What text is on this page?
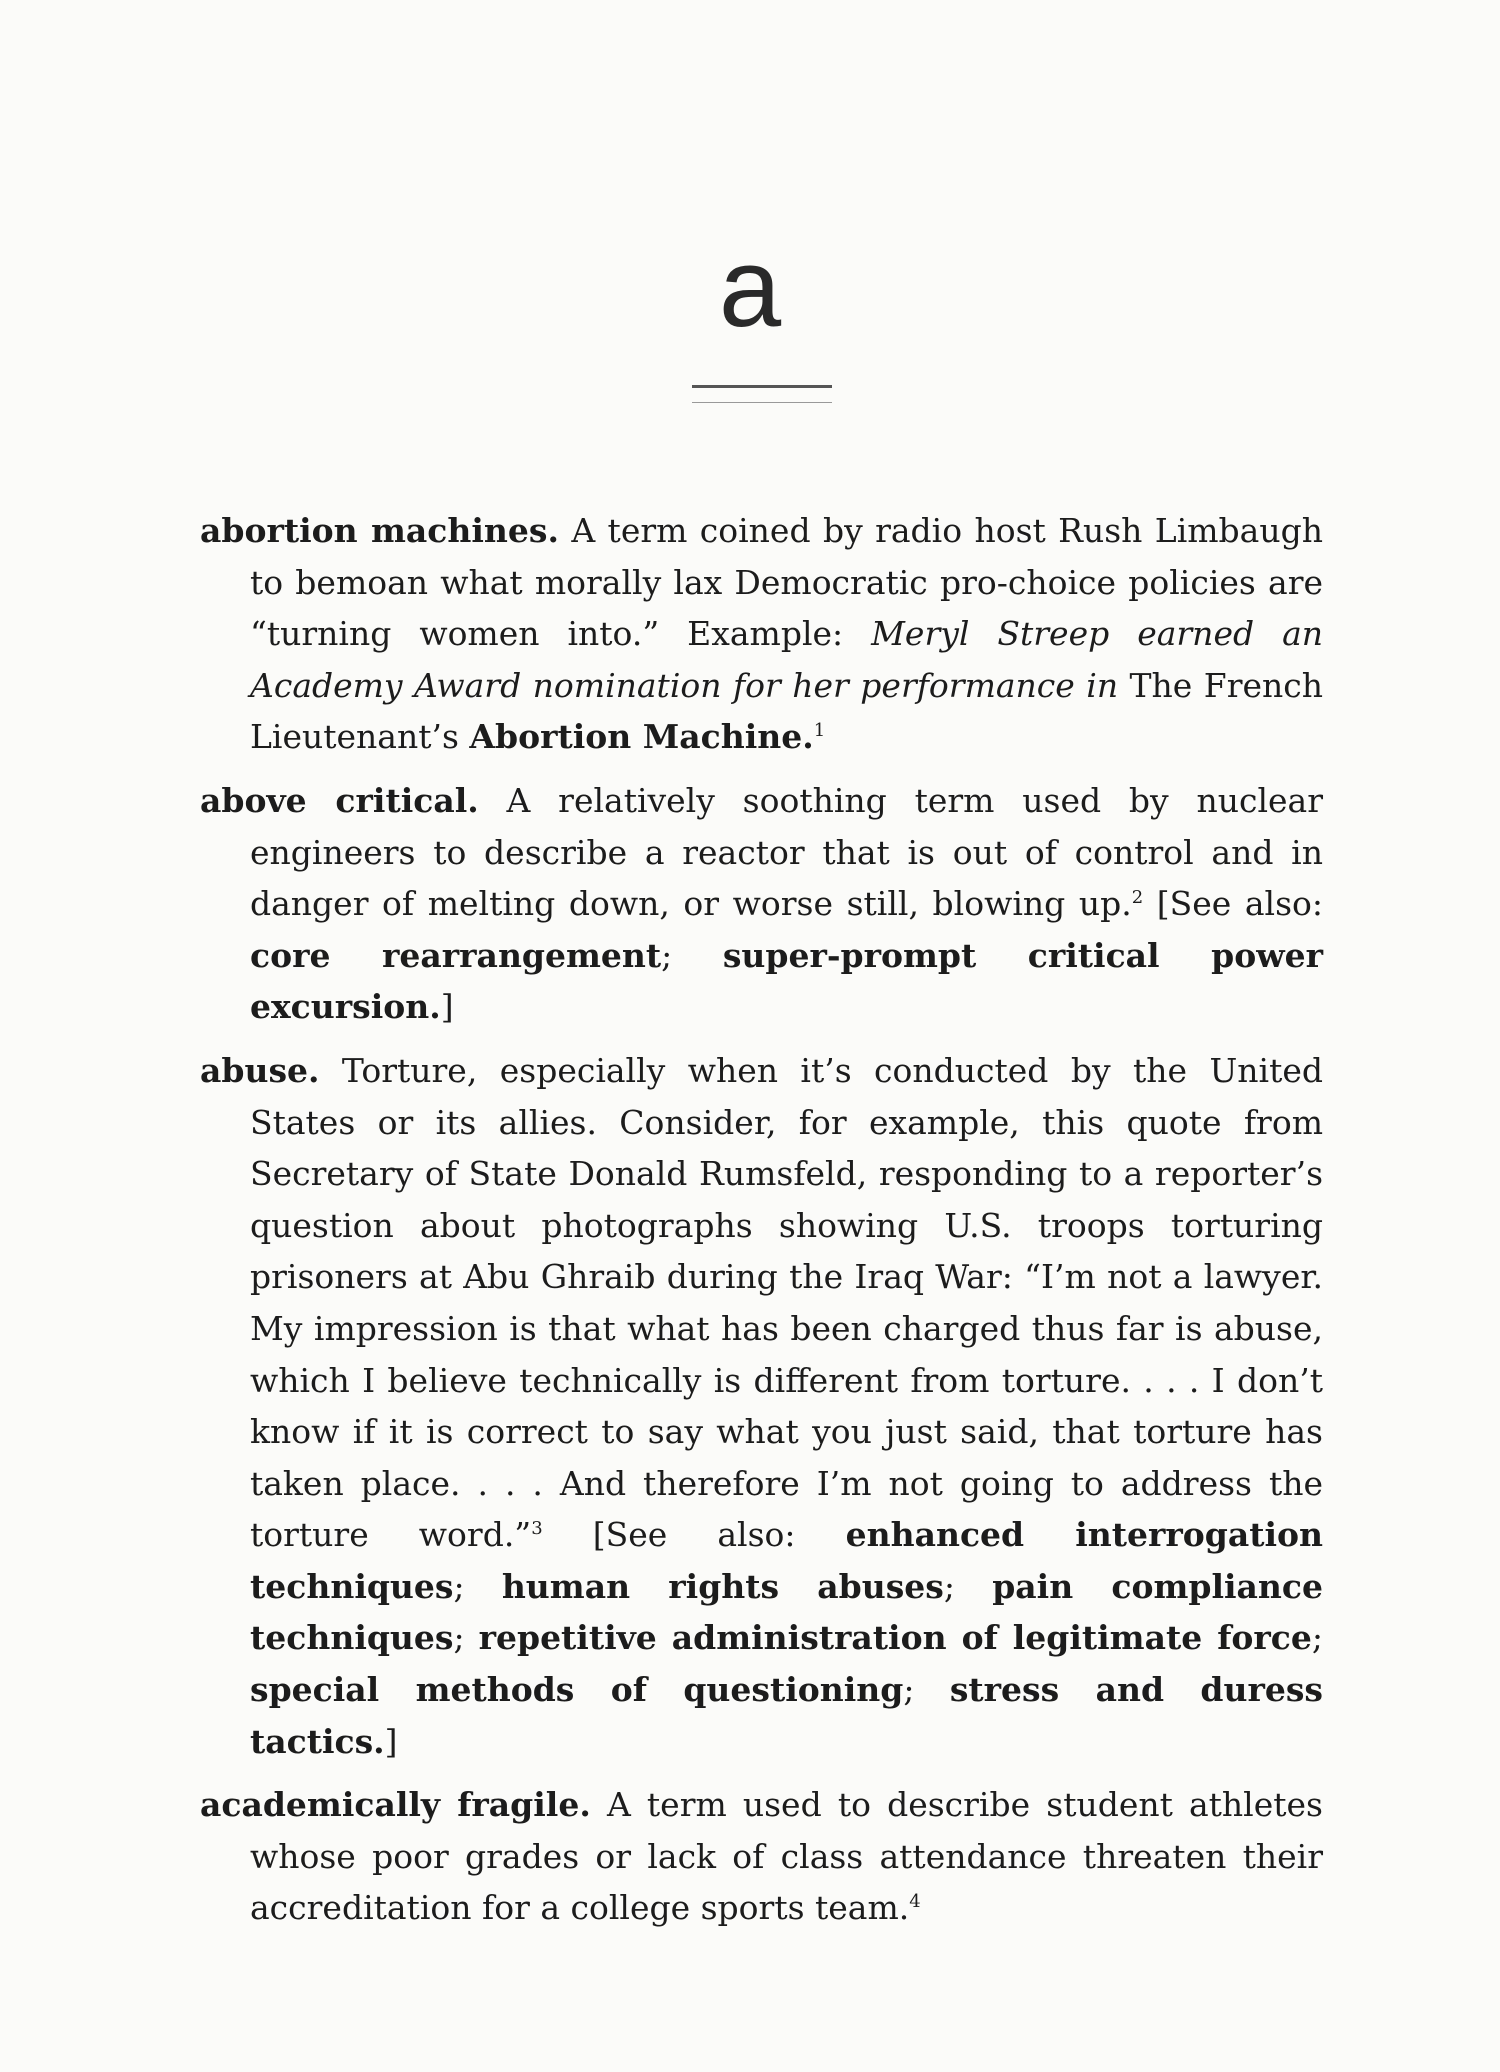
a

abortion machines. A term coined by radio host Rush Limbaugh to bemoan what morally lax Democratic pro-choice policies are “turning women into.” Example: Meryl Streep earned an Academy Award nomination for her performance in The French Lieutenant’s Abortion Machine.$^1$

above critical. A relatively soothing term used by nuclear engineers to describe a reactor that is out of control and in danger of melting down, or worse still, blowing up.$^2$ [See also: core rearrangement; super-prompt critical power excursion.]

abuse. Torture, especially when it’s conducted by the United States or its allies. Consider, for example, this quote from Secretary of State Donald Rumsfeld, responding to a reporter’s question about photographs showing U.S. troops torturing prisoners at Abu Ghraib during the Iraq War: “I’m not a lawyer. My impression is that what has been charged thus far is abuse, which I believe technically is different from torture. . . . I don’t know if it is correct to say what you just said, that torture has taken place. . . . And therefore I’m not going to address the torture word.”$^3$ [See also: enhanced interrogation techniques; human rights abuses; pain compliance techniques; repetitive administration of legitimate force; special methods of questioning; stress and duress tactics.]

academically fragile. A term used to describe student athletes whose poor grades or lack of class attendance threaten their accreditation for a college sports team.$^4$
